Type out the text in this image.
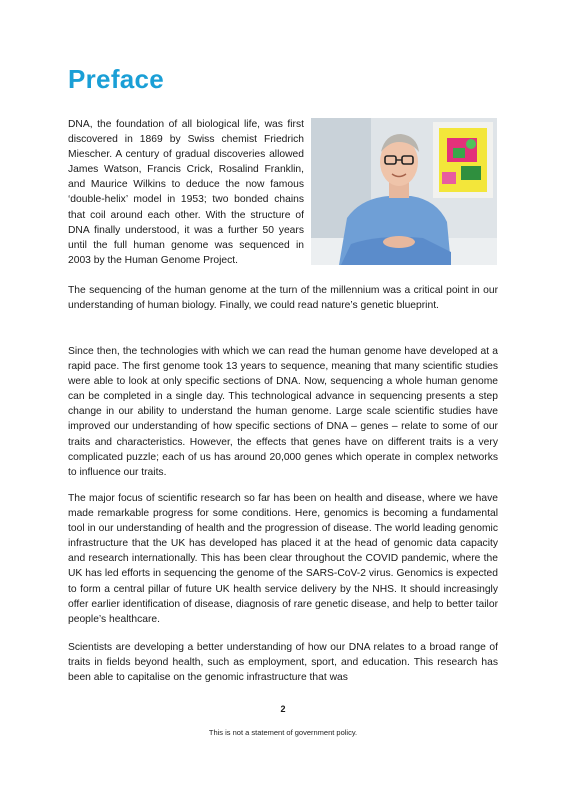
Preface

DNA, the foundation of all biological life, was first discovered in 1869 by Swiss chemist Friedrich Miescher. A century of gradual discoveries allowed James Watson, Francis Crick, Rosalind Franklin, and Maurice Wilkins to deduce the now famous ‘double-helix’ model in 1953; two bonded chains that coil around each other. With the structure of DNA finally understood, it was a further 50 years until the full human genome was sequenced in 2003 by the Human Genome Project.

The sequencing of the human genome at the turn of the millennium was a critical point in our understanding of human biology. Finally, we could read nature’s genetic blueprint.

Since then, the technologies with which we can read the human genome have developed at a rapid pace. The first genome took 13 years to sequence, meaning that many scientific studies were able to look at only specific sections of DNA. Now, sequencing a whole human genome can be completed in a single day. This technological advance in sequencing presents a step change in our ability to understand the human genome. Large scale scientific studies have improved our understanding of how specific sections of DNA – genes – relate to some of our traits and characteristics. However, the effects that genes have on different traits is a very complicated puzzle; each of us has around 20,000 genes which operate in complex networks to influence our traits.

The major focus of scientific research so far has been on health and disease, where we have made remarkable progress for some conditions. Here, genomics is becoming a fundamental tool in our understanding of health and the progression of disease. The world leading genomic infrastructure that the UK has developed has placed it at the head of genomic data capacity and research internationally. This has been clear throughout the COVID pandemic, where the UK has led efforts in sequencing the genome of the SARS-CoV-2 virus. Genomics is expected to form a central pillar of future UK health service delivery by the NHS. It should increasingly offer earlier identification of disease, diagnosis of rare genetic disease, and help to better tailor people’s healthcare.

Scientists are developing a better understanding of how our DNA relates to a broad range of traits in fields beyond health, such as employment, sport, and education. This research has been able to capitalise on the genomic infrastructure that was

2

This is not a statement of government policy.
